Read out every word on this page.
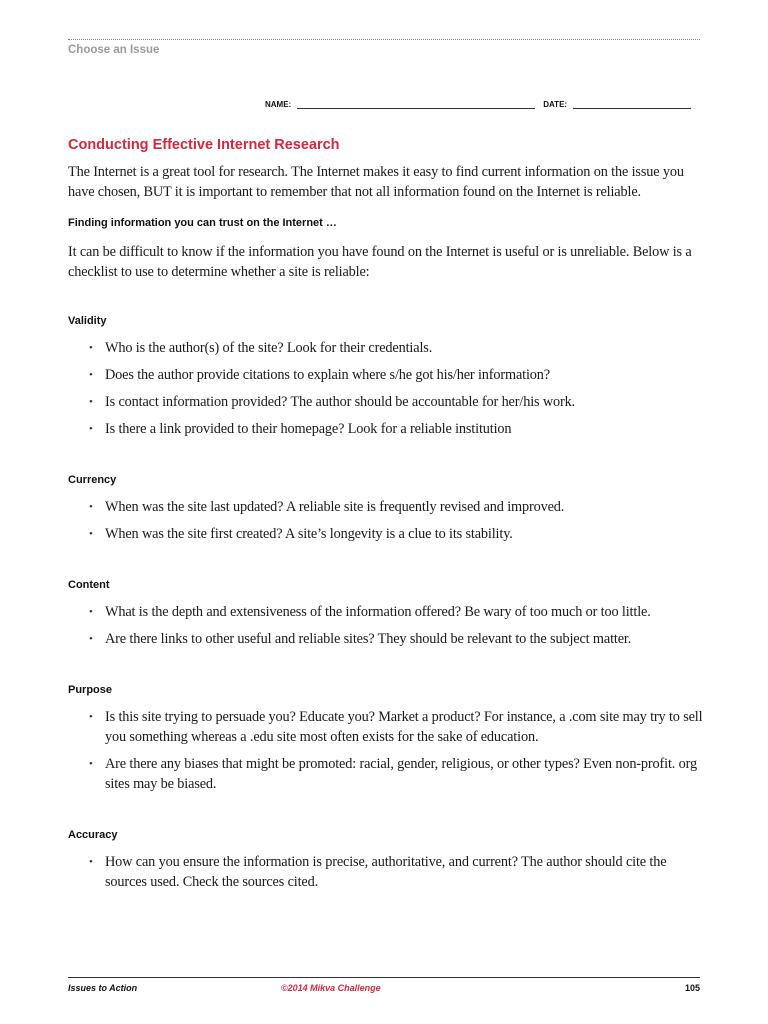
Choose an Issue
NAME:	DATE:
Conducting Effective Internet Research

The Internet is a great tool for research. The Internet makes it easy to find current information on the issue you have chosen, BUT it is important to remember that not all information found on the Internet is reliable.

Finding information you can trust on the Internet …

It can be difficult to know if the information you have found on the Internet is useful or is unreliable. Below is a checklist to use to determine whether a site is reliable:

Validity
• Who is the author(s) of the site? Look for their credentials.
• Does the author provide citations to explain where s/he got his/her information?
• Is contact information provided? The author should be accountable for her/his work.
• Is there a link provided to their homepage? Look for a reliable institution
Currency
• When was the site last updated? A reliable site is frequently revised and improved.
• When was the site first created? A site’s longevity is a clue to its stability.
Content
• What is the depth and extensiveness of the information offered? Be wary of too much or too little.
• Are there links to other useful and reliable sites? They should be relevant to the subject matter.
Purpose
• Is this site trying to persuade you? Educate you? Market a product? For instance, a .com site may try to sell you something whereas a .edu site most often exists for the sake of education.
• Are there any biases that might be promoted: racial, gender, religious, or other types? Even non-profit. org sites may be biased.
Accuracy
• How can you ensure the information is precise, authoritative, and current? The author should cite the sources used. Check the sources cited.
Issues to Action	©2014 Mikva Challenge	105
